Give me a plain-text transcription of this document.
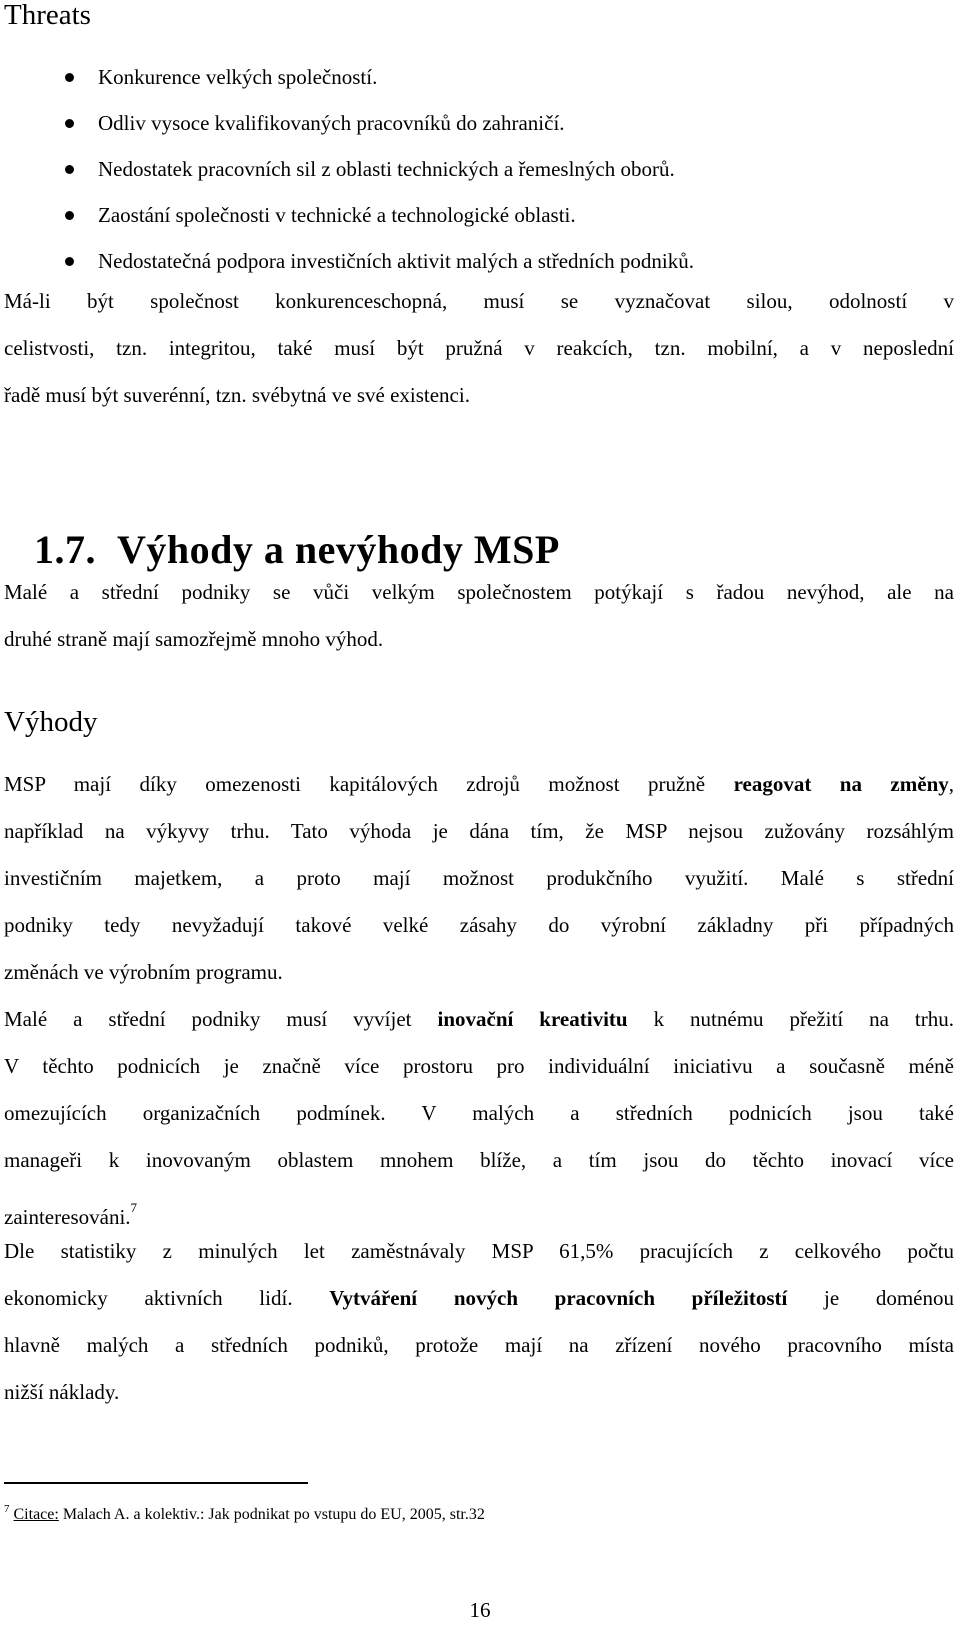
Threats
Konkurence velkých společností.
Odliv vysoce kvalifikovaných pracovníků do zahraničí.
Nedostatek pracovních sil z oblasti technických a řemeslných oborů.
Zaostání společnosti v technické a technologické oblasti.
Nedostatečná podpora investičních aktivit malých a středních podniků.
Má-li být společnost konkurenceschopná, musí se vyznačovat silou, odolností v
celistvosti, tzn. integritou, také musí být pružná v reakcích, tzn. mobilní, a v neposlední
řadě musí být suverénní, tzn. svébytná ve své existenci.
1.7. Výhody a nevýhody MSP
Malé a střední podniky se vůči velkým společnostem potýkají s řadou nevýhod, ale na
druhé straně mají samozřejmě mnoho výhod.
Výhody
MSP mají díky omezenosti kapitálových zdrojů možnost pružně reagovat na změny,
například na výkyvy trhu. Tato výhoda je dána tím, že MSP nejsou zužovány rozsáhlým
investičním majetkem, a proto mají možnost produkčního využití. Malé s střední
podniky tedy nevyžadují takové velké zásahy do výrobní základny při případných
změnách ve výrobním programu.
Malé a střední podniky musí vyvíjet inovační kreativitu k nutnému přežití na trhu.
V těchto podnicích je značně více prostoru pro individuální iniciativu a současně méně
omezujících organizačních podmínek. V malých a středních podnicích jsou také
manageři k inovovaným oblastem mnohem blíže, a tím jsou do těchto inovací více
zainteresováni.$^7$
Dle statistiky z minulých let zaměstnávaly MSP 61,5% pracujících z celkového počtu
ekonomicky aktivních lidí. Vytváření nových pracovních příležitostí je doménou
hlavně malých a středních podniků, protože mají na zřízení nového pracovního místa
nižší náklady.
$^7$ Citace: Malach A. a kolektiv.: Jak podnikat po vstupu do EU, 2005, str.32
16
